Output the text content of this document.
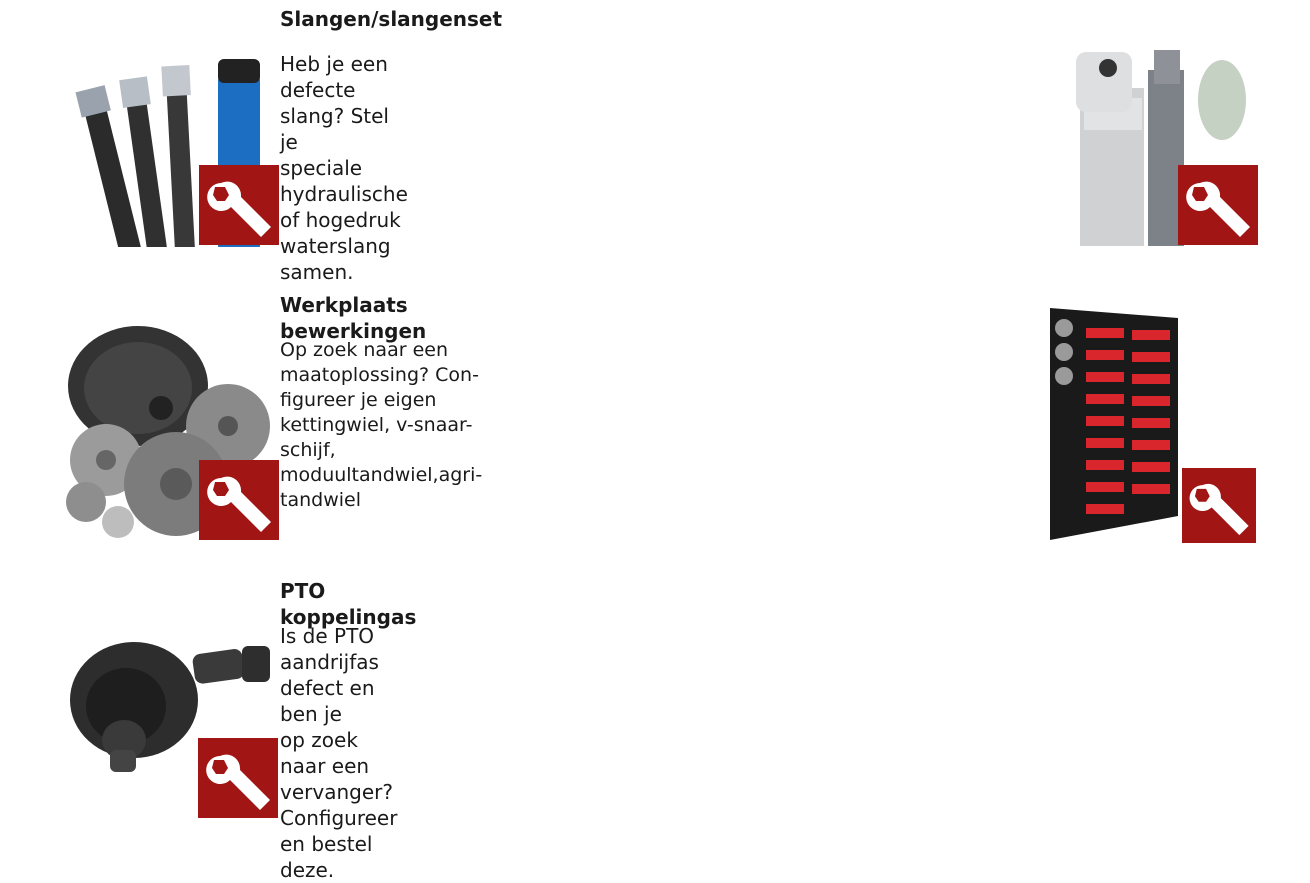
Slangen/slangenset

Heb je een defecte slang? Stel je
speciale hydraulische of hogedruk
waterslang samen.

Werkplaats bewerkingen

Op zoek naar een maatoplossing? Con-
figureer je eigen kettingwiel, v-snaar-
schijf, moduultandwiel,agri-tandwiel

PTO koppelingas

Is de PTO aandrijfas defect en ben je
op zoek naar een vervanger?
Configureer en bestel deze.
